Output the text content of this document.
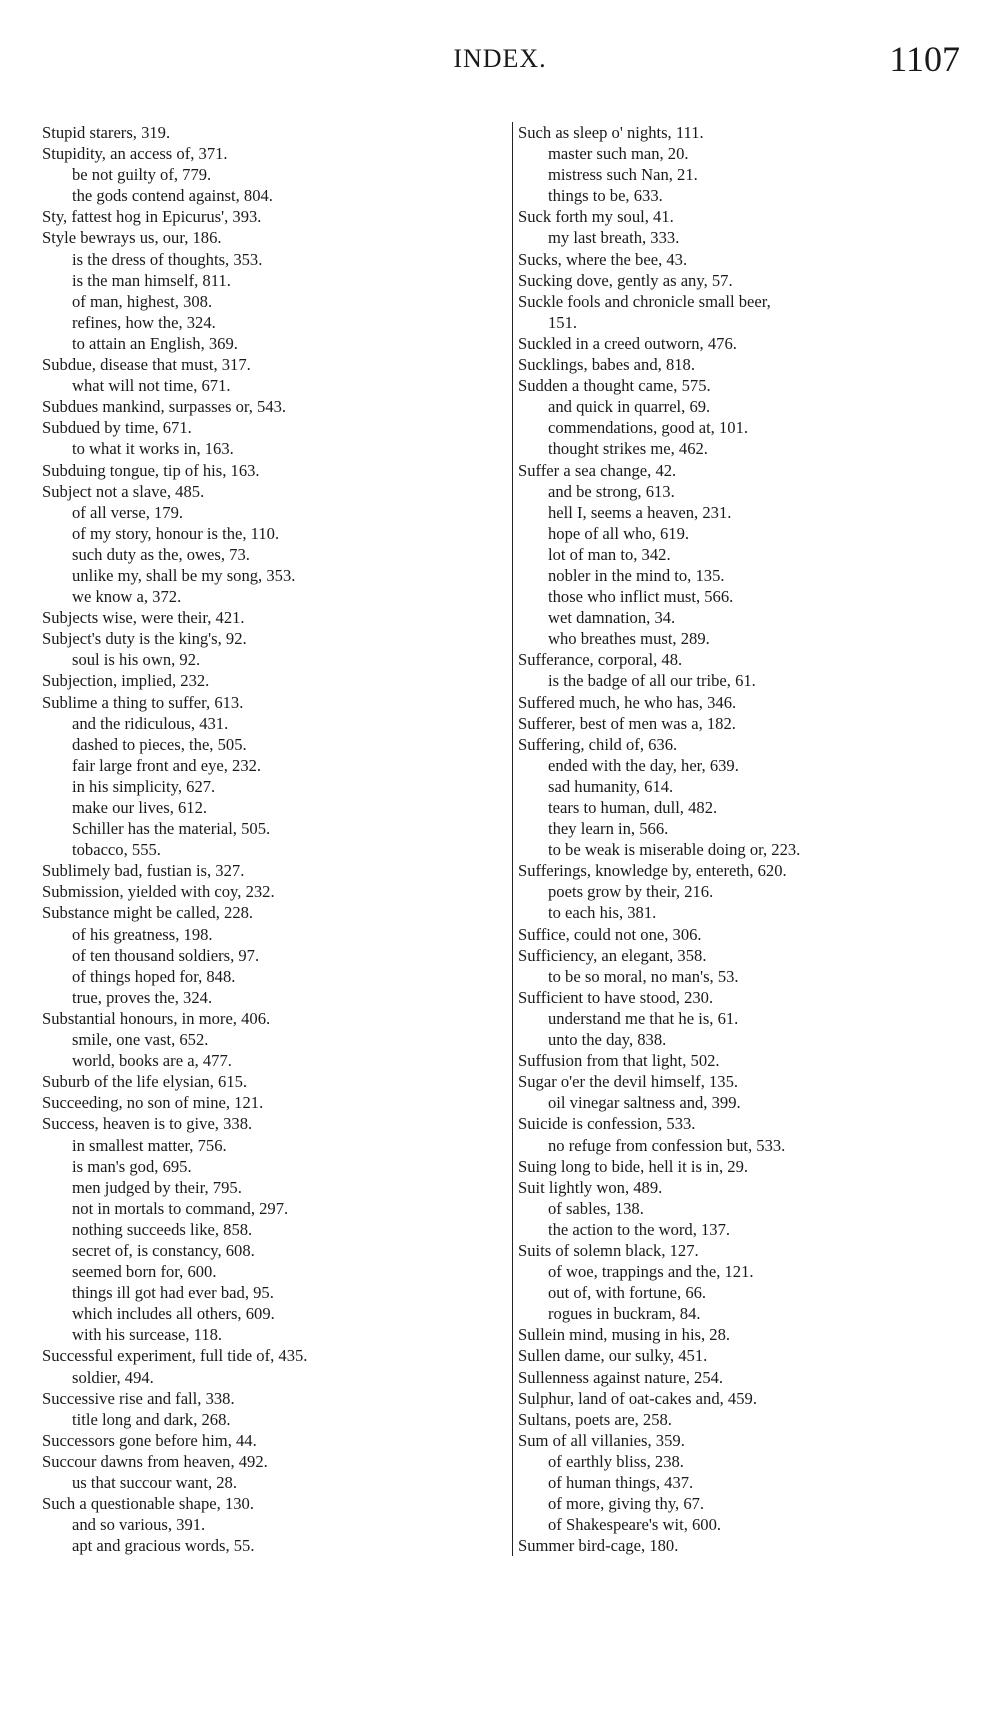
INDEX.	1107
Stupid starers, 319.
Stupidity, an access of, 371.
be not guilty of, 779.
the gods contend against, 804.
Sty, fattest hog in Epicurus', 393.
Style bewrays us, our, 186.
is the dress of thoughts, 353.
is the man himself, 811.
of man, highest, 308.
refines, how the, 324.
to attain an English, 369.
Subdue, disease that must, 317.
what will not time, 671.
Subdues mankind, surpasses or, 543.
Subdued by time, 671.
to what it works in, 163.
Subduing tongue, tip of his, 163.
Subject not a slave, 485.
of all verse, 179.
of my story, honour is the, 110.
such duty as the, owes, 73.
unlike my, shall be my song, 353.
we know a, 372.
Subjects wise, were their, 421.
Subject's duty is the king's, 92.
soul is his own, 92.
Subjection, implied, 232.
Sublime a thing to suffer, 613.
and the ridiculous, 431.
dashed to pieces, the, 505.
fair large front and eye, 232.
in his simplicity, 627.
make our lives, 612.
Schiller has the material, 505.
tobacco, 555.
Sublimely bad, fustian is, 327.
Submission, yielded with coy, 232.
Substance might be called, 228.
of his greatness, 198.
of ten thousand soldiers, 97.
of things hoped for, 848.
true, proves the, 324.
Substantial honours, in more, 406.
smile, one vast, 652.
world, books are a, 477.
Suburb of the life elysian, 615.
Succeeding, no son of mine, 121.
Success, heaven is to give, 338.
in smallest matter, 756.
is man's god, 695.
men judged by their, 795.
not in mortals to command, 297.
nothing succeeds like, 858.
secret of, is constancy, 608.
seemed born for, 600.
things ill got had ever bad, 95.
which includes all others, 609.
with his surcease, 118.
Successful experiment, full tide of, 435.
soldier, 494.
Successive rise and fall, 338.
title long and dark, 268.
Successors gone before him, 44.
Succour dawns from heaven, 492.
us that succour want, 28.
Such a questionable shape, 130.
and so various, 391.
apt and gracious words, 55.
Such as sleep o' nights, 111.
master such man, 20.
mistress such Nan, 21.
things to be, 633.
Suck forth my soul, 41.
my last breath, 333.
Sucks, where the bee, 43.
Sucking dove, gently as any, 57.
Suckle fools and chronicle small beer,
151.
Suckled in a creed outworn, 476.
Sucklings, babes and, 818.
Sudden a thought came, 575.
and quick in quarrel, 69.
commendations, good at, 101.
thought strikes me, 462.
Suffer a sea change, 42.
and be strong, 613.
hell I, seems a heaven, 231.
hope of all who, 619.
lot of man to, 342.
nobler in the mind to, 135.
those who inflict must, 566.
wet damnation, 34.
who breathes must, 289.
Sufferance, corporal, 48.
is the badge of all our tribe, 61.
Suffered much, he who has, 346.
Sufferer, best of men was a, 182.
Suffering, child of, 636.
ended with the day, her, 639.
sad humanity, 614.
tears to human, dull, 482.
they learn in, 566.
to be weak is miserable doing or, 223.
Sufferings, knowledge by, entereth, 620.
poets grow by their, 216.
to each his, 381.
Suffice, could not one, 306.
Sufficiency, an elegant, 358.
to be so moral, no man's, 53.
Sufficient to have stood, 230.
understand me that he is, 61.
unto the day, 838.
Suffusion from that light, 502.
Sugar o'er the devil himself, 135.
oil vinegar saltness and, 399.
Suicide is confession, 533.
no refuge from confession but, 533.
Suing long to bide, hell it is in, 29.
Suit lightly won, 489.
of sables, 138.
the action to the word, 137.
Suits of solemn black, 127.
of woe, trappings and the, 121.
out of, with fortune, 66.
rogues in buckram, 84.
Sullein mind, musing in his, 28.
Sullen dame, our sulky, 451.
Sullenness against nature, 254.
Sulphur, land of oat-cakes and, 459.
Sultans, poets are, 258.
Sum of all villanies, 359.
of earthly bliss, 238.
of human things, 437.
of more, giving thy, 67.
of Shakespeare's wit, 600.
Summer bird-cage, 180.
